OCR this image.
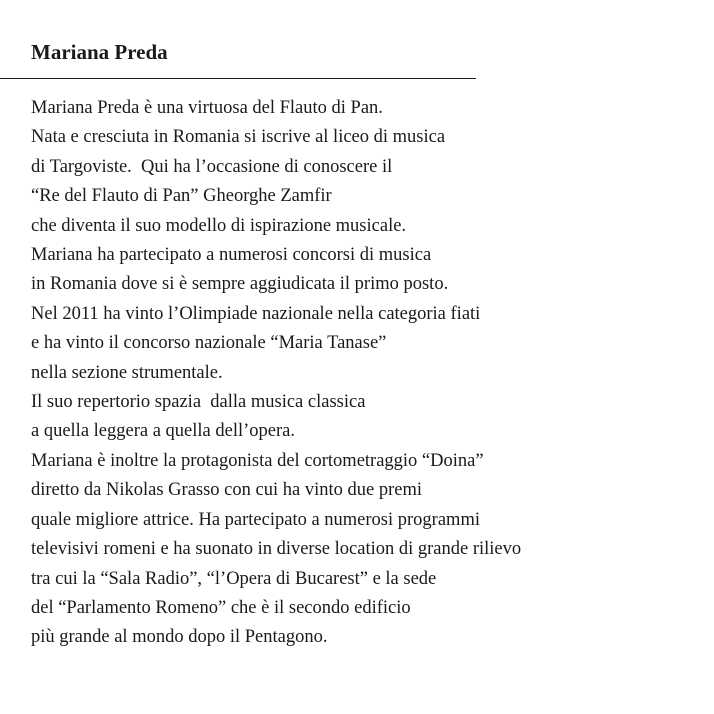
Mariana Preda
Mariana Preda è una virtuosa del Flauto di Pan.
Nata e cresciuta in Romania si iscrive al liceo di musica
di Targoviste.  Qui ha l’occasione di conoscere il
“Re del Flauto di Pan” Gheorghe Zamfir
che diventa il suo modello di ispirazione musicale.
Mariana ha partecipato a numerosi concorsi di musica
in Romania dove si è sempre aggiudicata il primo posto.
Nel 2011 ha vinto l’Olimpiade nazionale nella categoria fiati
e ha vinto il concorso nazionale “Maria Tanase”
nella sezione strumentale.
Il suo repertorio spazia  dalla musica classica
a quella leggera a quella dell’opera.
Mariana è inoltre la protagonista del cortometraggio “Doina”
diretto da Nikolas Grasso con cui ha vinto due premi
quale migliore attrice. Ha partecipato a numerosi programmi
televisivi romeni e ha suonato in diverse location di grande rilievo
tra cui la “Sala Radio”, “l’Opera di Bucarest” e la sede
del “Parlamento Romeno” che è il secondo edificio
più grande al mondo dopo il Pentagono.
